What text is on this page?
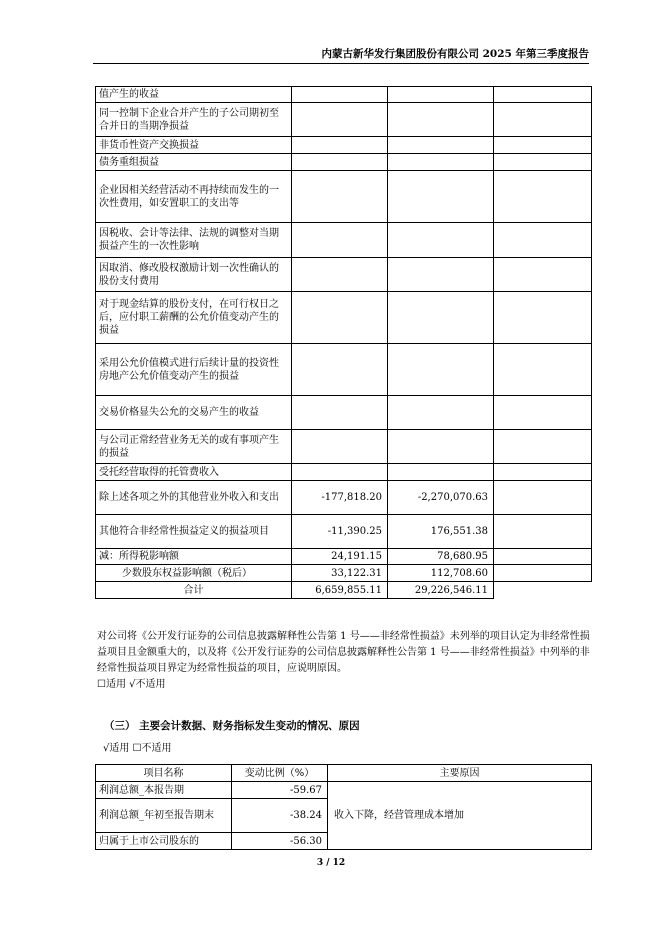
内蒙古新华发行集团股份有限公司 2025 年第三季度报告
值产生的收益			
同一控制下企业合并产生的子公司期初至合并日的当期净损益			
非货币性资产交换损益			
债务重组损益			
企业因相关经营活动不再持续而发生的一次性费用，如安置职工的支出等			
因税收、会计等法律、法规的调整对当期损益产生的一次性影响			
因取消、修改股权激励计划一次性确认的股份支付费用			
对于现金结算的股份支付，在可行权日之后，应付职工薪酬的公允价值变动产生的损益			
采用公允价值模式进行后续计量的投资性房地产公允价值变动产生的损益			
交易价格显失公允的交易产生的收益			
与公司正常经营业务无关的或有事项产生的损益			
受托经营取得的托管费收入			
除上述各项之外的其他营业外收入和支出	-177,818.20	-2,270,070.63	
其他符合非经常性损益定义的损益项目	-11,390.25	176,551.38	
减：所得税影响额	24,191.15	78,680.95	
少数股东权益影响额（税后）	33,122.31	112,708.60	
合计	6,659,855.11	29,226,546.11	

对公司将《公开发行证券的公司信息披露解释性公告第 1 号——非经常性损益》未列举的项目认定为非经常性损益项目且金额重大的，以及将《公开发行证券的公司信息披露解释性公告第 1 号——非经常性损益》中列举的非经常性损益项目界定为经常性损益的项目，应说明原因。

☐适用 √不适用

（三） 主要会计数据、财务指标发生变动的情况、原因
√适用 ☐不适用
项目名称	变动比例（%）	主要原因
利润总额_本报告期	-59.67	收入下降，经营管理成本增加
利润总额_年初至报告期末	-38.24	
归属于上市公司股东的	-56.30	
3 / 12
